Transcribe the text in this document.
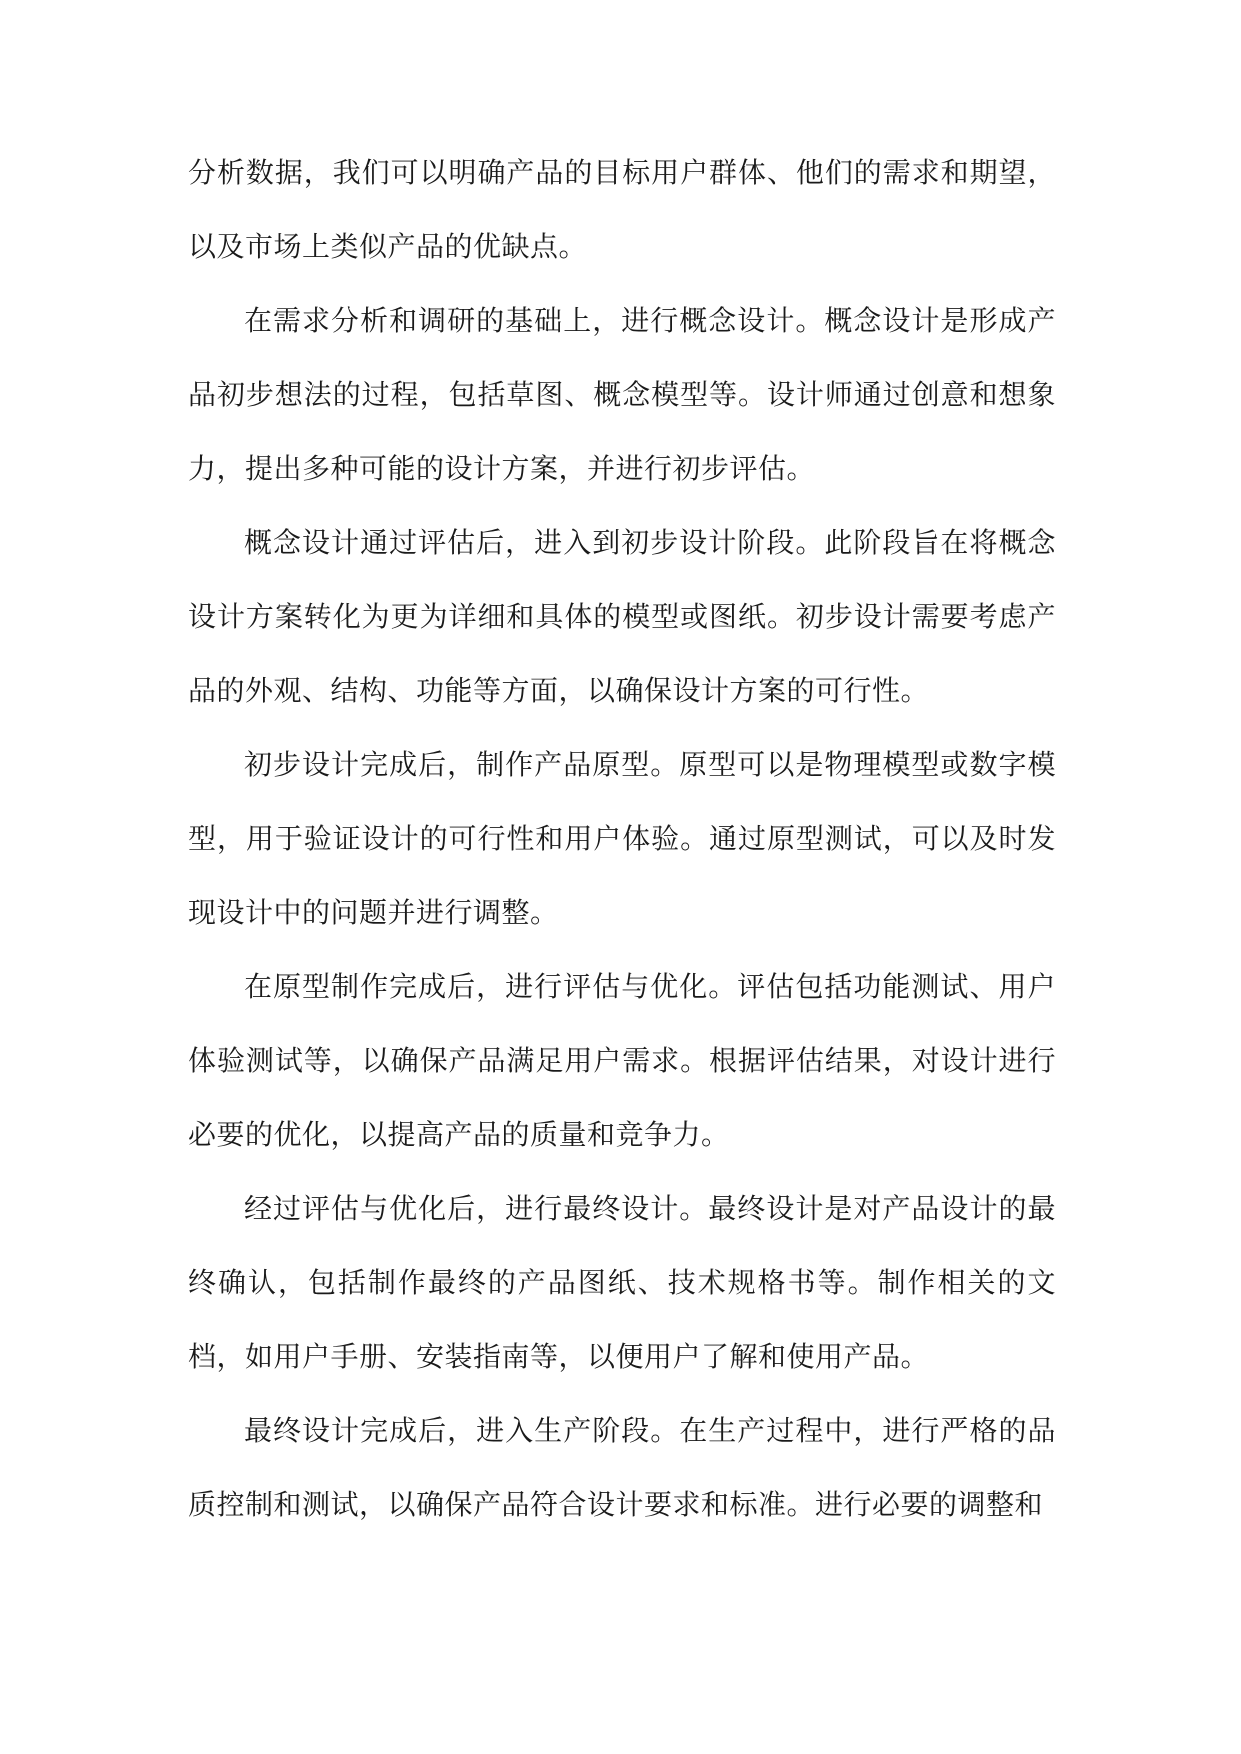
分析数据，我们可以明确产品的目标用户群体、他们的需求和期望，以及市场上类似产品的优缺点。

在需求分析和调研的基础上，进行概念设计。概念设计是形成产品初步想法的过程，包括草图、概念模型等。设计师通过创意和想象力，提出多种可能的设计方案，并进行初步评估。

概念设计通过评估后，进入到初步设计阶段。此阶段旨在将概念设计方案转化为更为详细和具体的模型或图纸。初步设计需要考虑产品的外观、结构、功能等方面，以确保设计方案的可行性。

初步设计完成后，制作产品原型。原型可以是物理模型或数字模型，用于验证设计的可行性和用户体验。通过原型测试，可以及时发现设计中的问题并进行调整。

在原型制作完成后，进行评估与优化。评估包括功能测试、用户体验测试等，以确保产品满足用户需求。根据评估结果，对设计进行必要的优化，以提高产品的质量和竞争力。

经过评估与优化后，进行最终设计。最终设计是对产品设计的最终确认，包括制作最终的产品图纸、技术规格书等。制作相关的文档，如用户手册、安装指南等，以便用户了解和使用产品。

最终设计完成后，进入生产阶段。在生产过程中，进行严格的品质控制和测试，以确保产品符合设计要求和标准。进行必要的调整和
